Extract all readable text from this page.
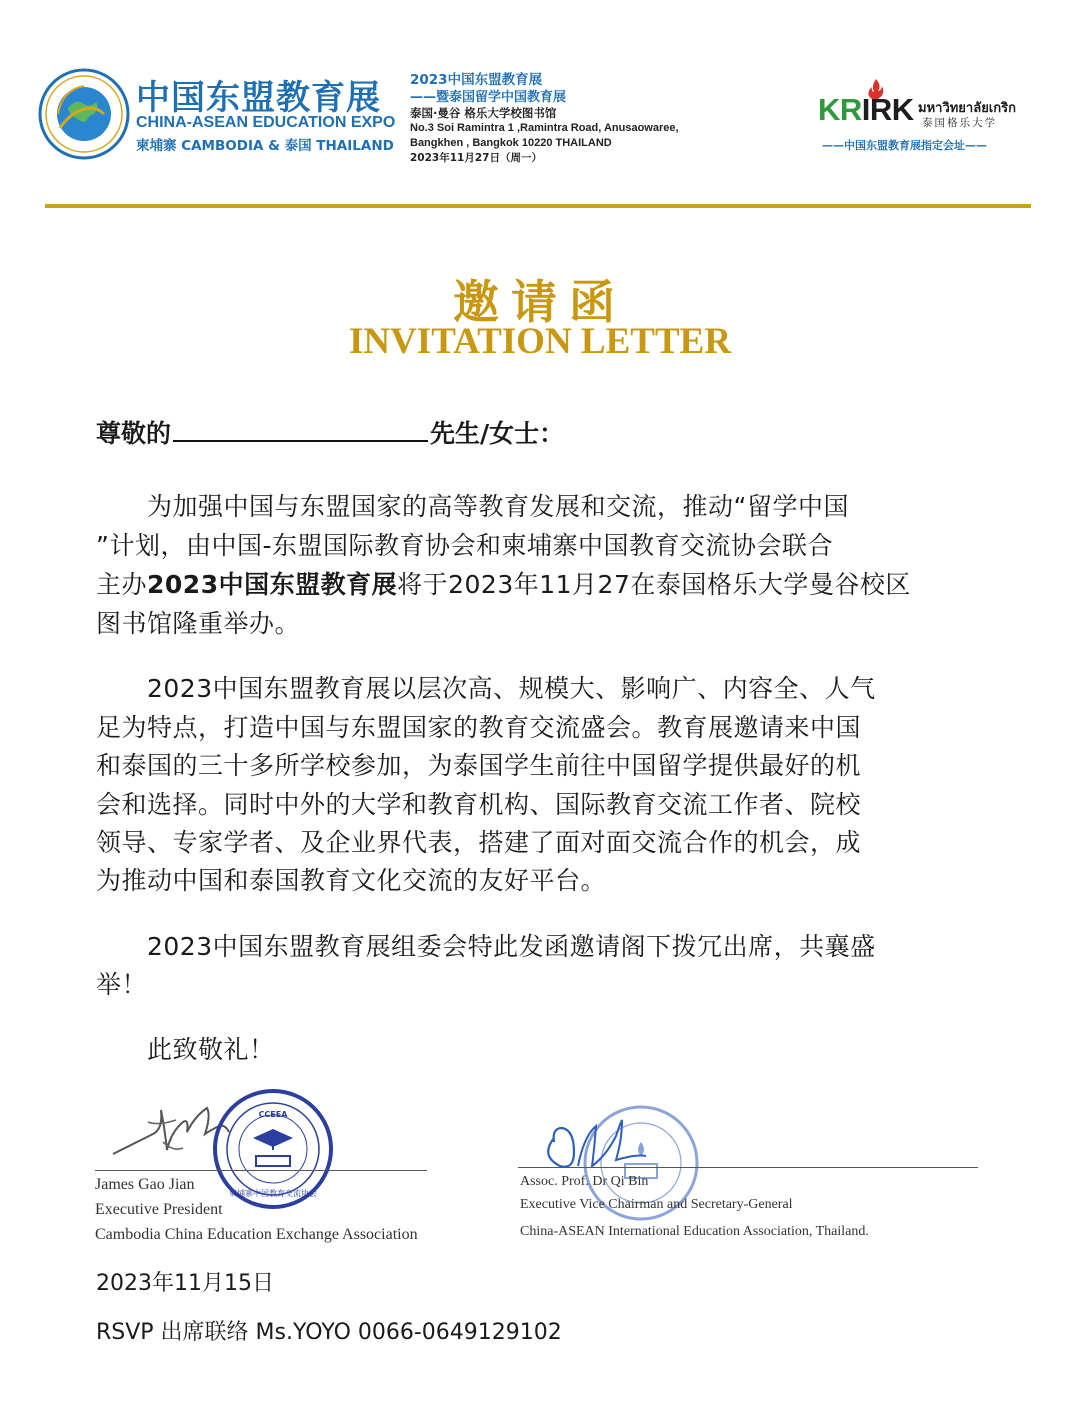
中国东盟教育展
CHINA-ASEAN EDUCATION EXPO
柬埔寨 CAMBODIA & 泰国 THAILAND
2023中国东盟教育展
——暨泰国留学中国教育展
泰国·曼谷 格乐大学校图书馆
No.3 Soi Ramintra 1 ,Ramintra Road, Anusaowaree,
Bangkhen , Bangkok 10220 THAILAND
2023年11月27日（周一）
KRIRK มหาวิทยาลัยเกริก
泰国格乐大学
——中国东盟教育展指定会址——
邀请函
INVITATION LETTER
尊敬的	先生/女士：
　　为加强中国与东盟国家的高等教育发展和交流，推动“留学中国
”计划，由中国-东盟国际教育协会和柬埔寨中国教育交流协会联合
主办2023中国东盟教育展将于2023年11月27在泰国格乐大学曼谷校区
图书馆隆重举办。
　　2023中国东盟教育展以层次高、规模大、影响广、内容全、人气
足为特点，打造中国与东盟国家的教育交流盛会。教育展邀请来中国
和泰国的三十多所学校参加，为泰国学生前往中国留学提供最好的机
会和选择。同时中外的大学和教育机构、国际教育交流工作者、院校
领导、专家学者、及企业界代表，搭建了面对面交流合作的机会，成
为推动中国和泰国教育文化交流的友好平台。
　　2023中国东盟教育展组委会特此发函邀请阁下拨冗出席，共襄盛
举！
　　此致敬礼！
CCEEA
柬埔寨中国教育交流协会
James Gao Jian
Executive President
Cambodia China Education Exchange Association
Assoc. Prof. Dr Qi Bin
Executive Vice Chairman and Secretary-General
China-ASEAN International Education Association, Thailand.
2023年11月15日
RSVP 出席联络 Ms.YOYO 0066-0649129102
